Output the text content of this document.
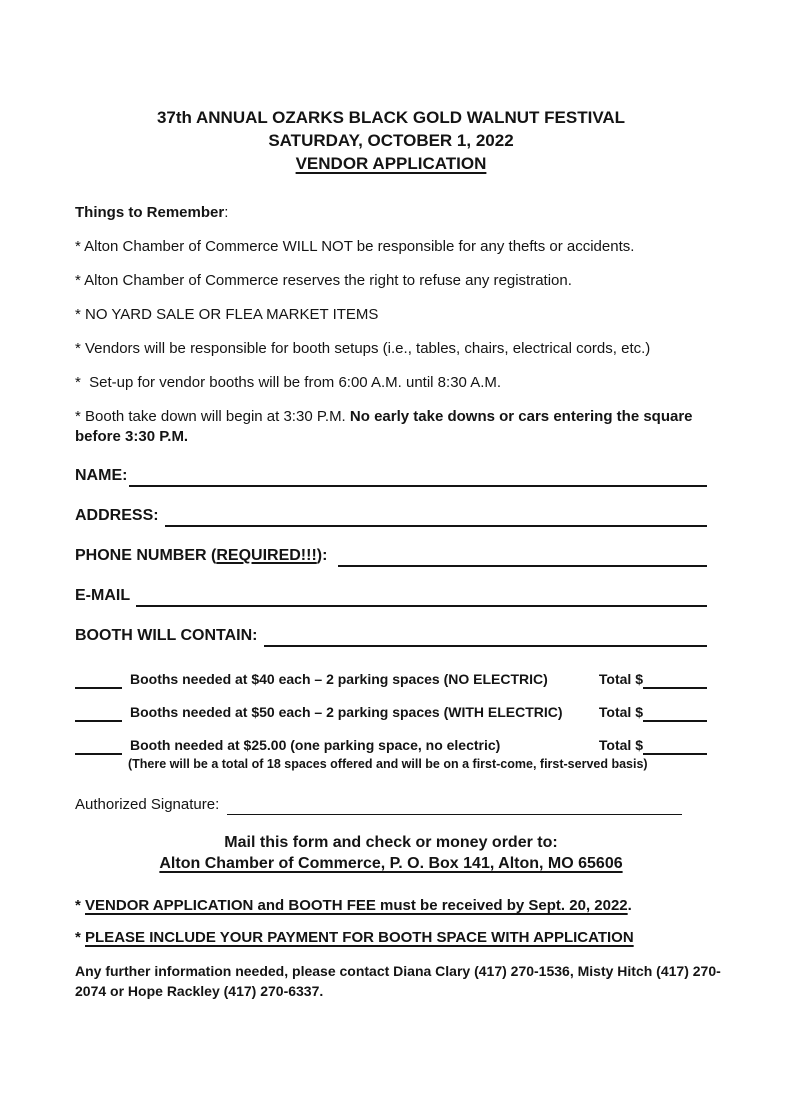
37th ANNUAL OZARKS BLACK GOLD WALNUT FESTIVAL
SATURDAY, OCTOBER 1, 2022
VENDOR APPLICATION

Things to Remember:

* Alton Chamber of Commerce WILL NOT be responsible for any thefts or accidents.

* Alton Chamber of Commerce reserves the right to refuse any registration.

* NO YARD SALE OR FLEA MARKET ITEMS

* Vendors will be responsible for booth setups (i.e., tables, chairs, electrical cords, etc.)

*  Set-up for vendor booths will be from 6:00 A.M. until 8:30 A.M.

* Booth take down will begin at 3:30 P.M. No early take downs or cars entering the square before 3:30 P.M.

NAME:
ADDRESS:
PHONE NUMBER (REQUIRED!!!):
E-MAIL
BOOTH WILL CONTAIN:
Booths needed at $40 each – 2 parking spaces (NO ELECTRIC)	Total $
Booths needed at $50 each – 2 parking spaces (WITH ELECTRIC)	Total $
Booth needed at $25.00 (one parking space, no electric)	Total $

(There will be a total of 18 spaces offered and will be on a first-come, first-served basis)

Authorized Signature:
Mail this form and check or money order to:
Alton Chamber of Commerce, P. O. Box 141, Alton, MO 65606

* VENDOR APPLICATION and BOOTH FEE must be received by Sept. 20, 2022.

* PLEASE INCLUDE YOUR PAYMENT FOR BOOTH SPACE WITH APPLICATION

Any further information needed, please contact Diana Clary (417) 270-1536, Misty Hitch (417) 270-2074 or Hope Rackley (417) 270-6337.
